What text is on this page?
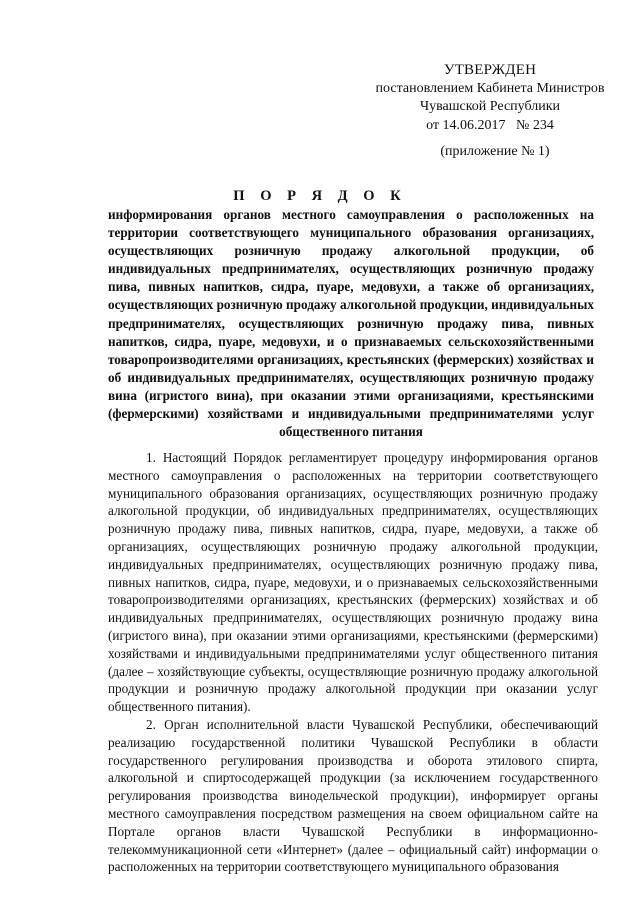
УТВЕРЖДЕН
постановлением Кабинета Министров
Чувашской Республики
от 14.06.2017   № 234
(приложение № 1)
П О Р Я Д О К
информирования органов местного самоуправления о расположенных на территории соответствующего муниципального образования организациях, осуществляющих розничную продажу алкогольной продукции, об индивидуальных предпринимателях, осуществляющих розничную продажу пива, пивных напитков, сидра, пуаре, медовухи, а также об организациях, осуществляющих розничную продажу алкогольной продукции, индивидуальных предпринимателях, осуществляющих розничную продажу пива, пивных напитков, сидра, пуаре, медовухи, и о признаваемых сельскохозяйственными товаропроизводителями организациях, крестьянских (фермерских) хозяйствах и об индивидуальных предпринимателях, осуществляющих розничную продажу вина (игристого вина), при оказании этими организациями, крестьянскими (фермерскими) хозяйствами и индивидуальными предпринимателями услуг общественного питания

1. Настоящий Порядок регламентирует процедуру информирования органов местного самоуправления о расположенных на территории соответствующего муниципального образования организациях, осуществляющих розничную продажу алкогольной продукции, об индивидуальных предпринимателях, осуществляющих розничную продажу пива, пивных напитков, сидра, пуаре, медовухи, а также об организациях, осуществляющих розничную продажу алкогольной продукции, индивидуальных предпринимателях, осуществляющих розничную продажу пива, пивных напитков, сидра, пуаре, медовухи, и о признаваемых сельскохозяйственными товаропроизводителями организациях, крестьянских (фермерских) хозяйствах и об индивидуальных предпринимателях, осуществляющих розничную продажу вина (игристого вина), при оказании этими организациями, крестьянскими (фермерскими) хозяйствами и индивидуальными предпринимателями услуг общественного питания (далее – хозяйствующие субъекты, осуществляющие розничную продажу алкогольной продукции и розничную продажу алкогольной продукции при оказании услуг общественного питания).

2. Орган исполнительной власти Чувашской Республики, обеспечивающий реализацию государственной политики Чувашской Республики в области государственного регулирования производства и оборота этилового спирта, алкогольной и спиртосодержащей продукции (за исключением государственного регулирования производства винодельческой продукции), информирует органы местного самоуправления посредством размещения на своем официальном сайте на Портале органов власти Чувашской Республики в информационно-телекоммуникационной сети «Интернет» (далее – официальный сайт) информации о расположенных на территории соответствующего муниципального образования
